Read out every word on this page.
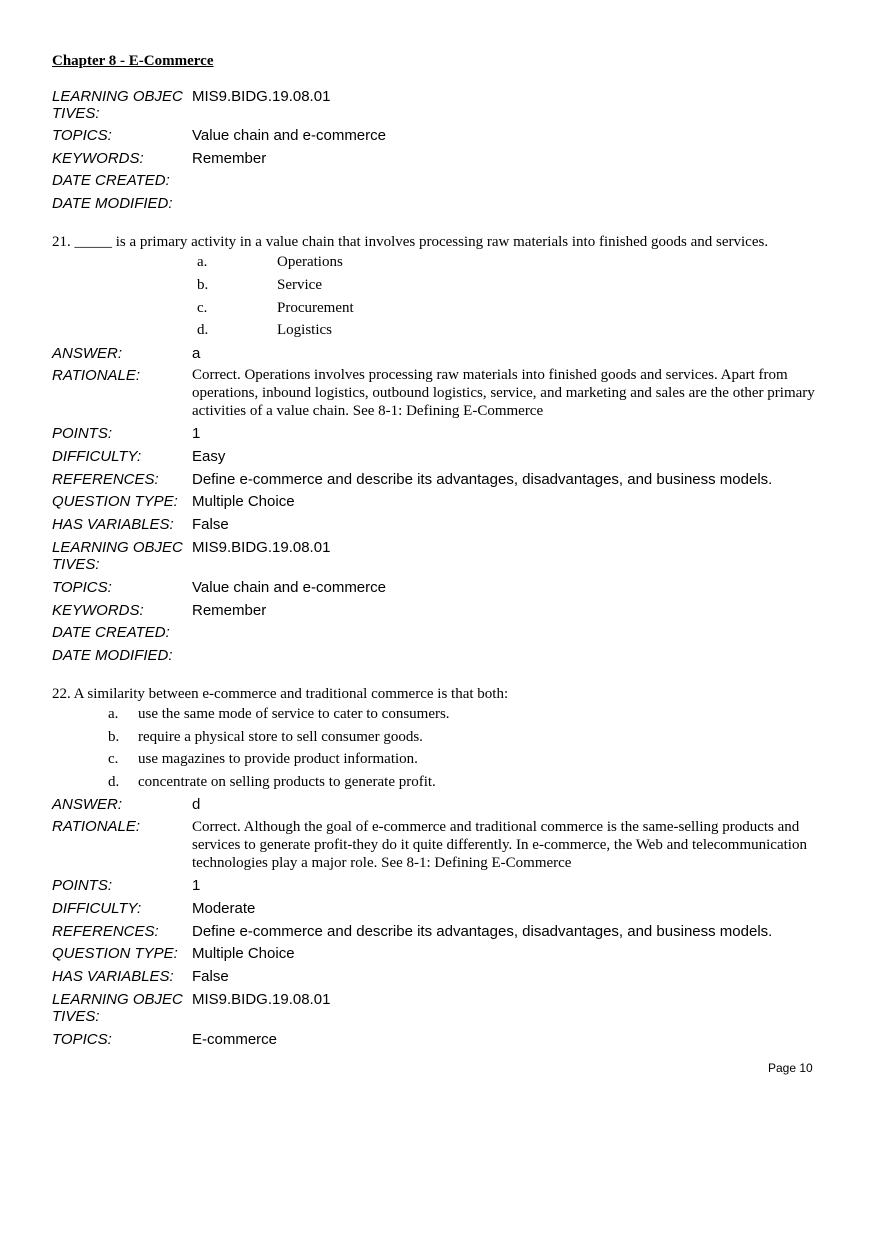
Chapter 8 - E-Commerce
LEARNING OBJECTIVES:
MIS9.BIDG.19.08.01
TOPICS:	Value chain and e-commerce
KEYWORDS:	Remember
DATE CREATED:
DATE MODIFIED:
21. _____ is a primary activity in a value chain that involves processing raw materials into finished goods and services.
a.	Operations
b.	Service
c.	Procurement
d.	Logistics
ANSWER:	a
RATIONALE:	Correct. Operations involves processing raw materials into finished goods and services. Apart from operations, inbound logistics, outbound logistics, service, and marketing and sales are the other primary activities of a value chain. See 8-1: Defining E-Commerce
POINTS:	1
DIFFICULTY:	Easy
REFERENCES:	Define e-commerce and describe its advantages, disadvantages, and business models.
QUESTION TYPE: Multiple Choice
HAS VARIABLES:	False
LEARNING OBJECTIVES:
MIS9.BIDG.19.08.01
TOPICS:	Value chain and e-commerce
KEYWORDS:	Remember
DATE CREATED:
DATE MODIFIED:
22. A similarity between e-commerce and traditional commerce is that both:
a. use the same mode of service to cater to consumers.
b. require a physical store to sell consumer goods.
c. use magazines to provide product information.
d. concentrate on selling products to generate profit.
ANSWER:	d
RATIONALE:	Correct. Although the goal of e-commerce and traditional commerce is the same-selling products and services to generate profit-they do it quite differently. In e-commerce, the Web and telecommunication technologies play a major role. See 8-1: Defining E-Commerce
POINTS:	1
DIFFICULTY:	Moderate
REFERENCES:	Define e-commerce and describe its advantages, disadvantages, and business models.
QUESTION TYPE: Multiple Choice
HAS VARIABLES:	False
LEARNING OBJECTIVES:
MIS9.BIDG.19.08.01
TOPICS:	E-commerce
Page 10
